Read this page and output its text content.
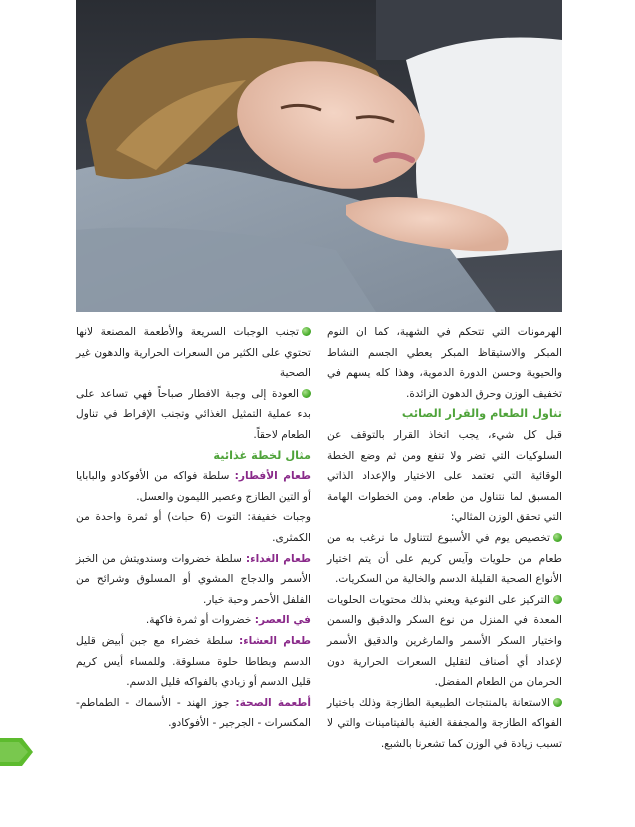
الهرمونات التي تتحكم في الشهية، كما ان النوم المبكر والاستيقاظ المبكر يعطي الجسم النشاط والحيوية وحسن الدورة الدموية، وهذا كله يسهم في تخفيف الوزن وحرق الدهون الزائدة.

تناول الطعام والقرار الصائب

قبل كل شيء، يجب اتخاذ القرار بالتوقف عن السلوكيات التي تضر ولا تنفع ومن ثم وضع الخطة الوقائية التي تعتمد على الاختيار والإعداد الذاتي المسبق لما نتناول من طعام. ومن الخطوات الهامة التي تحقق الوزن المثالي:

تخصيص يوم في الأسبوع لتتناول ما نرغب به من طعام من حلويات وآيس كريم على أن يتم اختيار الأنواع الصحية القليلة الدسم والخالية من السكريات.

التركيز على النوعية ويعني بذلك محتويات الحلويات المعدة في المنزل من نوع السكر والدقيق والسمن واختيار السكر الأسمر والمارغرين والدقيق الأسمر لإعداد أي أصناف لتقليل السعرات الحرارية دون الحرمان من الطعام المفضل.

الاستعانة بالمنتجات الطبيعية الطازجة وذلك باختيار الفواكه الطازجة والمجففة الغنية بالفيتامينات والتي لا تسبب زيادة في الوزن كما تشعرنا بالشبع.

تجنب الوجبات السريعة والأطعمة المصنعة لانها تحتوي على الكثير من السعرات الحرارية والدهون غير الصحية

العودة إلى وجبة الافطار صباحاً فهي تساعد على بدء عملية التمثيل الغذائي وتجنب الإفراط في تناول الطعام لاحقاً.

مثال لخطة غذائية

طعام الأفطار: سلطة فواكه من الأفوكادو والبابايا أو التين الطازج وعصير الليمون والعسل.

وجبات خفيفة: التوت (6 حبات) أو ثمرة واحدة من الكمثرى.

طعام الغداء: سلطة خضروات وسندويتش من الخبز الأسمر والدجاج المشوي أو المسلوق وشرائح من الفلفل الأحمر وحبة خيار.

في العصر: خضروات أو ثمرة فاكهة.

طعام العشاء: سلطة خضراء مع جبن أبيض قليل الدسم وبطاطا حلوة مسلوقة. وللمساء أيس كريم قليل الدسم أو زبادي بالفواكه قليل الدسم.

أطعمة الصحة: جوز الهند - الأسماك - الطماطم- المكسرات - الجرجير - الأفوكادو.
